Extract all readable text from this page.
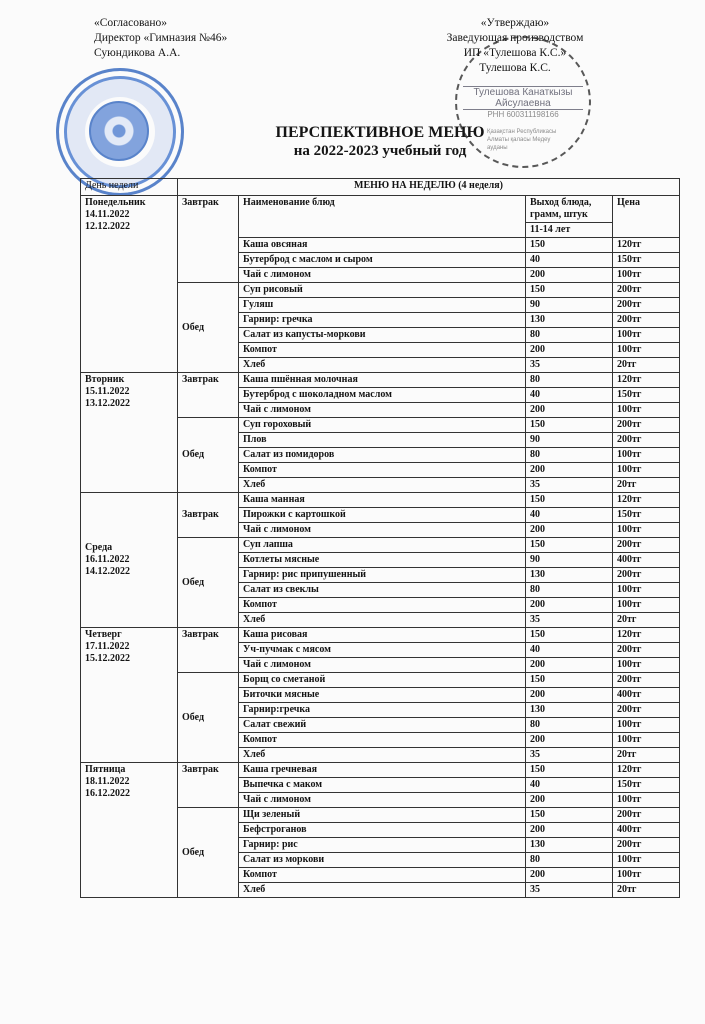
«Согласовано»
Директор «Гимназия №46»
Суюндикова А.А.
«Утверждаю»
Заведующая производством
ИП «Тулешова К.С.»
Тулешова К.С.
Тулешова Канаткызы Айсулаевна
РНН 600311198166
Қазақстан Республикасы Алматы қаласы Медеу ауданы
ПЕРСПЕКТИВНОЕ МЕНЮ
на 2022-2023 учебный год
День недели	МЕНЮ НА НЕДЕЛЮ (4 неделя)			

Понедельник
14.11.2022
12.12.2022	Завтрак	Наименование блюд	Выход блюда, грамм, штук	Цена
			11-14 лет	
		Каша овсяная	150	120тг
		Бутерброд с маслом и сыром	40	150тг
		Чай с лимоном	200	100тг
	Обед	Суп рисовый	150	200тг
		Гуляш	90	200тг
		Гарнир: гречка	130	200тг
		Салат из капусты-моркови	80	100тг
		Компот	200	100тг
		Хлеб	35	20тг

Вторник
15.11.2022
13.12.2022	Завтрак	Каша пшённая молочная	80	120тг
		Бутерброд с шоколадном маслом	40	150тг
		Чай с лимоном	200	100тг
	Обед	Суп гороховый	150	200тг
		Плов	90	200тг
		Салат из помидоров	80	100тг
		Компот	200	100тг
		Хлеб	35	20тг

Среда
16.11.2022
14.12.2022	Завтрак	Каша манная	150	120тг
		Пирожки с картошкой	40	150тг
		Чай с лимоном	200	100тг
	Обед	Суп лапша	150	200тг
		Котлеты мясные	90	400тг
		Гарнир: рис припушенный	130	200тг
		Салат из свеклы	80	100тг
		Компот	200	100тг
		Хлеб	35	20тг

Четверг
17.11.2022
15.12.2022	Завтрак	Каша рисовая	150	120тг
		Уч-пучмак с мясом	40	200тг
		Чай с лимоном	200	100тг
	Обед	Борщ со сметаной	150	200тг
		Биточки мясные	200	400тг
		Гарнир:гречка	130	200тг
		Салат свежий	80	100тг
		Компот	200	100тг
		Хлеб	35	20тг

Пятница
18.11.2022
16.12.2022	Завтрак	Каша гречневая	150	120тг
		Выпечка с маком	40	150тг
		Чай с лимоном	200	100тг
	Обед	Щи зеленый	150	200тг
		Бефстроганов	200	400тг
		Гарнир: рис	130	200тг
		Салат из моркови	80	100тг
		Компот	200	100тг
		Хлеб	35	20тг
